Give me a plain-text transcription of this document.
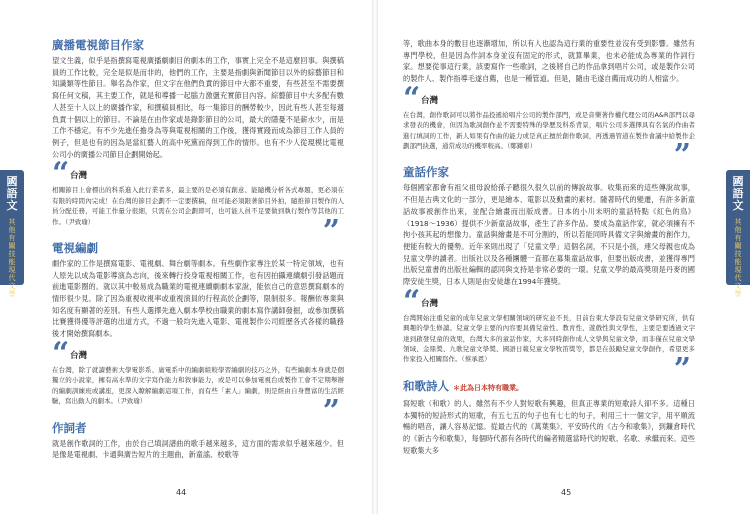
國語文
其他有關技能現代文學
廣播電視節目作家

望文生義，似乎是指撰寫電視廣播劇劇目的劇本的工作，事實上完全不是這麼回事。與撰稿員的工作比較，完全是似是而非的，他們的工作，主要是指劇與新聞節目以外的綜藝節目和知識類等性節目。舉名為作家，但文字在他們負責的節目中大都不重要，有些甚至不需要撰寫任何文稿，其主要工作，就是和導播一起腦力激盪充實節目內容。綜藝節目中大多配有數人甚至十人以上的廣播作家，和撰稿員相比，每一集節目的酬勞較少，因此有些人甚至每週負責十個以上的節目。不論是在由作家或是錄影節目的公司，最大的隱憂不是薪水少，而是工作不穩定。有不少先進任擔身為等與電視相關的工作後，獲得實踐而成為節目工作人員的例子，但是也有的因為是當紅藝人的高中死黨而得到工作的情形。也有不少人從現模比電視公司小的廣播公司節目企劃開始起。

“ 台灣

相關節目上會標出的科系進入此行業者多，最主要的是必須有創意、能隨機分析各式專題，更必須在有限的時間內完成！在台灣的節目企劃不一定要撰稿，但可能必須跟著節目外拍，隨推節目製作的人員分配任務，可能工作量分很細，只需在公司企劃即可，也可能人員不足要做到執行製作等其他的工作。（尹致瑜）	”
電視編劇

劇作家的工作是撰寫電影、電視劇、舞台劇等劇本。有些劇作家專注於某一特定領域，也有人原先以成為電影導演為志向，後來轉行投身電視相關工作，也有因拍攝連續劇引發話題而前進電影圈的。就以其中較易成為職業的電視連續劇劇本家說，能依自己的意思撰寫劇本的情形很少見。除了因為重視收視率或重視演員的行程高於企劃等，限制很多。報酬依專業與知名度有顯著的差別。有些人選擇先進入劇本學校由職業的劇本寫作講師發掘，或參加撰稿比賽獲得優等評選的出道方式，不過一般均先進入電影、電視製作公司經歷各式各樣的職務後才開始撰寫劇本。

“ 台灣

在台灣，除了就讀藝術大學電影系、廣電系中的編劇組較學習編劇的技巧之外，有些編劇本身就是個獨立的小說家，擁有高水準的文字寫作能力和敘事能力，或是可以參加電視台或製作工會不定期舉辦的編劇訓練班或講座，更深入瞭解編劇這項工作，而有些「素人」編劇，則是經由自身豐富的生活經驗，寫出動人的劇本。（尹致瑜）	”
作詞者

就是創作歌詞的工作，由於自己填詞譜曲的歌手越來越多，這方面的需求似乎越來越少。但是像是電視劇、卡通與廣告短片的主題曲，新童謠、校歌等

44
國語文
其他有關技能現代文學

等，歌曲本身的數目也逐漸增加，所以有人也認為這行業的重要性並沒有受到影響。雖然有專門學校，但是因為作詞本身並沒有固定的形式，就算畢業，也未必能成為專業的作詞行家。想要從事這行業，該要寫作一些歌詞，之後將自己的作品拿到唱片公司，或是製作公司的製作人、製作指導毛遂自薦，也是一種管道。但是，隨由毛遂自薦而成功的人相當少。

“ 台灣

在台灣，創作歌詞可以將作品投遞給唱片公司的製作部門，或是音樂著作權代理公司的A&R部門以尋求發表的機會，但因為歌詞創作並不需要特殊的學歷及科系背景，唱片公司多選擇具有名氣的作曲者進行填詞的工作，新人如果有作曲的能力或是真正擅於創作歌詞，再透過管道在製作會議中給製作企劃部門抉選，通常成功的機率較高。（鄭鏘彰）	”
童話作家

每個國家都會有祖父祖母說給孫子聽很久很久以前的傳說故事。收集而來的這些傳說故事，不但是古典文化的一部分，更是繪本、電影以及動畫的素材。隨著時代的變遷，有許多新童話故事被創作出來，並配合繪畫而出版成書。日本的小川未明的童話特點《紅色的鳥》（1918～1936）提供不少新童話故事，產生了許多作品。要成為童話作家，就必須擁有不拘小孩其起的想像力。童話與繪畫是不可分割的，所以若能同時具備文字與繪畫的創作力，便能有較大的優勢。近年來則出現了「兒童文學」這個名詞，不只是小孩，連父母親也成為兒童文學的讀者。出版社以及各種團體一直都在募集童話故事，但要出版成書，並獲得專門出版兒童書的出版社編輯的認同與支持是非常必要的一環。兒童文學的最高獎項是丹麥的國際安徒生獎，日本人則是由安徒雄在1994年獲獎。

“ 台灣

台灣開始注重兒童的成年兒童文學相關領域的研究並不長，目前台東大學設有兒童文學研究所，供有興趣的學生修讀。兒童文學主要的內容要具備兒童性、教育性、遊戲性與文學性，主要是要透過文字達到啟發兒童的效果，台灣大多的童話作家，大多同時創作成人文學與兒童文學，而非僅在兒童文學領域、金鼎獎、九歌兒童文學獎、國語日報兒童文學牧笛獎等，都是在鼓勵兒童文學創作，希望更多作家投入相關寫作。（蔡承恩）	”
和歌詩人 ＊此為日本特有職業。

寫短歌（和歌）的人。雖然有不少人對短歌有興趣，但真正專業的短歌詩人卻不多。這種日本獨特的短詩形式的短歌，有五七五的句子也有七七的句子，利用三十一個文字，用平順流暢的唱音，讓人容易記憶。從最古代的《萬葉集》、平安時代的《古今和歌集》，到鐮倉時代的《新古今和歌集》，每個時代都有各時代的編者精選當時代的短歌、名歌、承繼而來。這些短歌集大多

45
